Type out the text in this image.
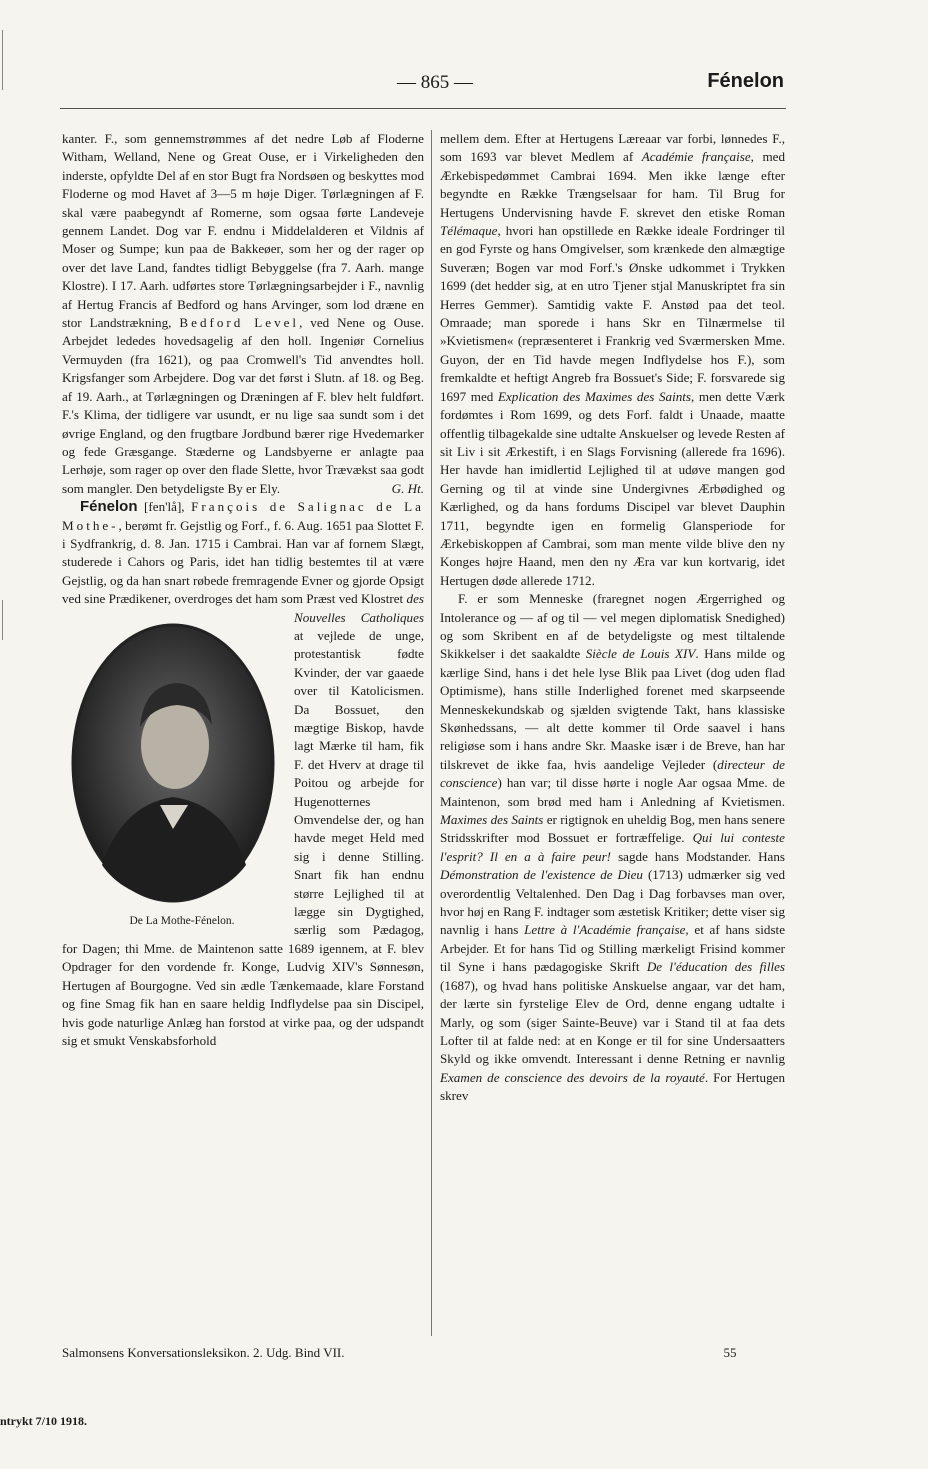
— 865 —	Fénelon

kanter. F., som gennemstrømmes af det nedre Løb af Floderne Witham, Welland, Nene og Great Ouse, er i Virkeligheden den inderste, opfyldte Del af en stor Bugt fra Nordsøen og beskyttes mod Floderne og mod Havet af 3—5 m høje Diger. Tørlægningen af F. skal være paabegyndt af Romerne, som ogsaa førte Landeveje gennem Landet. Dog var F. endnu i Middelalderen et Vildnis af Moser og Sumpe; kun paa de Bakkeøer, som her og der rager op over det lave Land, fandtes tidligt Bebyggelse (fra 7. Aarh. mange Klostre). I 17. Aarh. udførtes store Tørlægningsarbejder i F., navnlig af Hertug Francis af Bedford og hans Arvinger, som lod dræne en stor Landstrækning, Bedford Level, ved Nene og Ouse. Arbejdet lededes hovedsagelig af den holl. Ingeniør Cornelius Vermuyden (fra 1621), og paa Cromwell's Tid anvendtes holl. Krigsfanger som Arbejdere. Dog var det først i Slutn. af 18. og Beg. af 19. Aarh., at Tørlægningen og Dræningen af F. blev helt fuldført. F.'s Klima, der tidligere var usundt, er nu lige saa sundt som i det øvrige England, og den frugtbare Jordbund bærer rige Hvedemarker og fede Græsgange. Stæderne og Landsbyerne er anlagte paa Lerhøje, som rager op over den flade Slette, hvor Trævækst saa godt som mangler. Den betydeligste By er Ely.	G. Ht.

Fénelon [fen'lå], François de Salignac de La Mothe-, berømt fr. Gejstlig og Forf., f. 6. Aug. 1651 paa Slottet F. i Sydfrankrig, d. 8. Jan. 1715 i Cambrai. Han var af fornem Slægt, studerede i Cahors og Paris, idet han tidlig bestemtes til at være Gejstlig, og da han snart røbede fremragende Evner og gjorde Opsigt ved sine Prædikener, overdroges det ham som Præst ved Klostret
De La Mothe-Fénelon.
des Nouvelles Catholiques at vejlede de unge, protestantisk fødte Kvinder, der var gaaede over til Katolicismen. Da Bossuet, den mægtige Biskop, havde lagt Mærke til ham, fik F. det Hverv at drage til Poitou og arbejde for Hugenotternes Omvendelse der, og han havde meget Held med sig i denne Stilling. Snart fik han endnu større Lejlighed til at lægge sin Dygtighed, særlig som Pædagog, for Dagen; thi Mme. de Maintenon satte 1689 igennem, at F. blev Opdrager for den vordende fr. Konge, Ludvig XIV's Sønnesøn, Hertugen af Bourgogne. Ved sin ædle Tænkemaade, klare Forstand og fine Smag fik han en saare heldig Indflydelse paa sin Discipel, hvis gode naturlige Anlæg han forstod at virke paa, og der udspandt sig et smukt Venskabsforhold

mellem dem. Efter at Hertugens Læreaar var forbi, lønnedes F., som 1693 var blevet Medlem af Académie française, med Ærkebispedømmet Cambrai 1694. Men ikke længe efter begyndte en Række Trængselsaar for ham. Til Brug for Hertugens Undervisning havde F. skrevet den etiske Roman Télémaque, hvori han opstillede en Række ideale Fordringer til en god Fyrste og hans Omgivelser, som krænkede den almægtige Suveræn; Bogen var mod Forf.'s Ønske udkommet i Trykken 1699 (det hedder sig, at en utro Tjener stjal Manuskriptet fra sin Herres Gemmer). Samtidig vakte F. Anstød paa det teol. Omraade; man sporede i hans Skr en Tilnærmelse til »Kvietismen« (repræsenteret i Frankrig ved Sværmersken Mme. Guyon, der en Tid havde megen Indflydelse hos F.), som fremkaldte et heftigt Angreb fra Bossuet's Side; F. forsvarede sig 1697 med Explication des Maximes des Saints, men dette Værk fordømtes i Rom 1699, og dets Forf. faldt i Unaade, maatte offentlig tilbagekalde sine udtalte Anskuelser og levede Resten af sit Liv i sit Ærkestift, i en Slags Forvisning (allerede fra 1696). Her havde han imidlertid Lejlighed til at udøve mangen god Gerning og til at vinde sine Undergivnes Ærbødighed og Kærlighed, og da hans fordums Discipel var blevet Dauphin 1711, begyndte igen en formelig Glansperiode for Ærkebiskoppen af Cambrai, som man mente vilde blive den ny Konges højre Haand, men den ny Æra var kun kortvarig, idet Hertugen døde allerede 1712.

F. er som Menneske (fraregnet nogen Ærgerrighed og Intolerance og — af og til — vel megen diplomatisk Snedighed) og som Skribent en af de betydeligste og mest tiltalende Skikkelser i det saakaldte Siècle de Louis XIV. Hans milde og kærlige Sind, hans i det hele lyse Blik paa Livet (dog uden flad Optimisme), hans stille Inderlighed forenet med skarpseende Menneskekundskab og sjælden svigtende Takt, hans klassiske Skønhedssans, — alt dette kommer til Orde saavel i hans religiøse som i hans andre Skr. Maaske især i de Breve, han har tilskrevet de ikke faa, hvis aandelige Vejleder (directeur de conscience) han var; til disse hørte i nogle Aar ogsaa Mme. de Maintenon, som brød med ham i Anledning af Kvietismen. Maximes des Saints er rigtignok en uheldig Bog, men hans senere Stridsskrifter mod Bossuet er fortræffelige. Qui lui conteste l'esprit? Il en a à faire peur! sagde hans Modstander. Hans Démonstration de l'existence de Dieu (1713) udmærker sig ved overordentlig Veltalenhed. Den Dag i Dag forbavses man over, hvor høj en Rang F. indtager som æstetisk Kritiker; dette viser sig navnlig i hans Lettre à l'Académie française, et af hans sidste Arbejder. Et for hans Tid og Stilling mærkeligt Frisind kommer til Syne i hans pædagogiske Skrift De l'éducation des filles (1687), og hvad hans politiske Anskuelse angaar, var det ham, der lærte sin fyrstelige Elev de Ord, denne engang udtalte i Marly, og som (siger Sainte-Beuve) var i Stand til at faa dets Lofter til at falde ned: at en Konge er til for sine Undersaatters Skyld og ikke omvendt. Interessant i denne Retning er navnlig Examen de conscience des devoirs de la royauté. For Hertugen skrev

Salmonsens Konversationsleksikon. 2. Udg. Bind VII.	55
ntrykt 7/10 1918.
